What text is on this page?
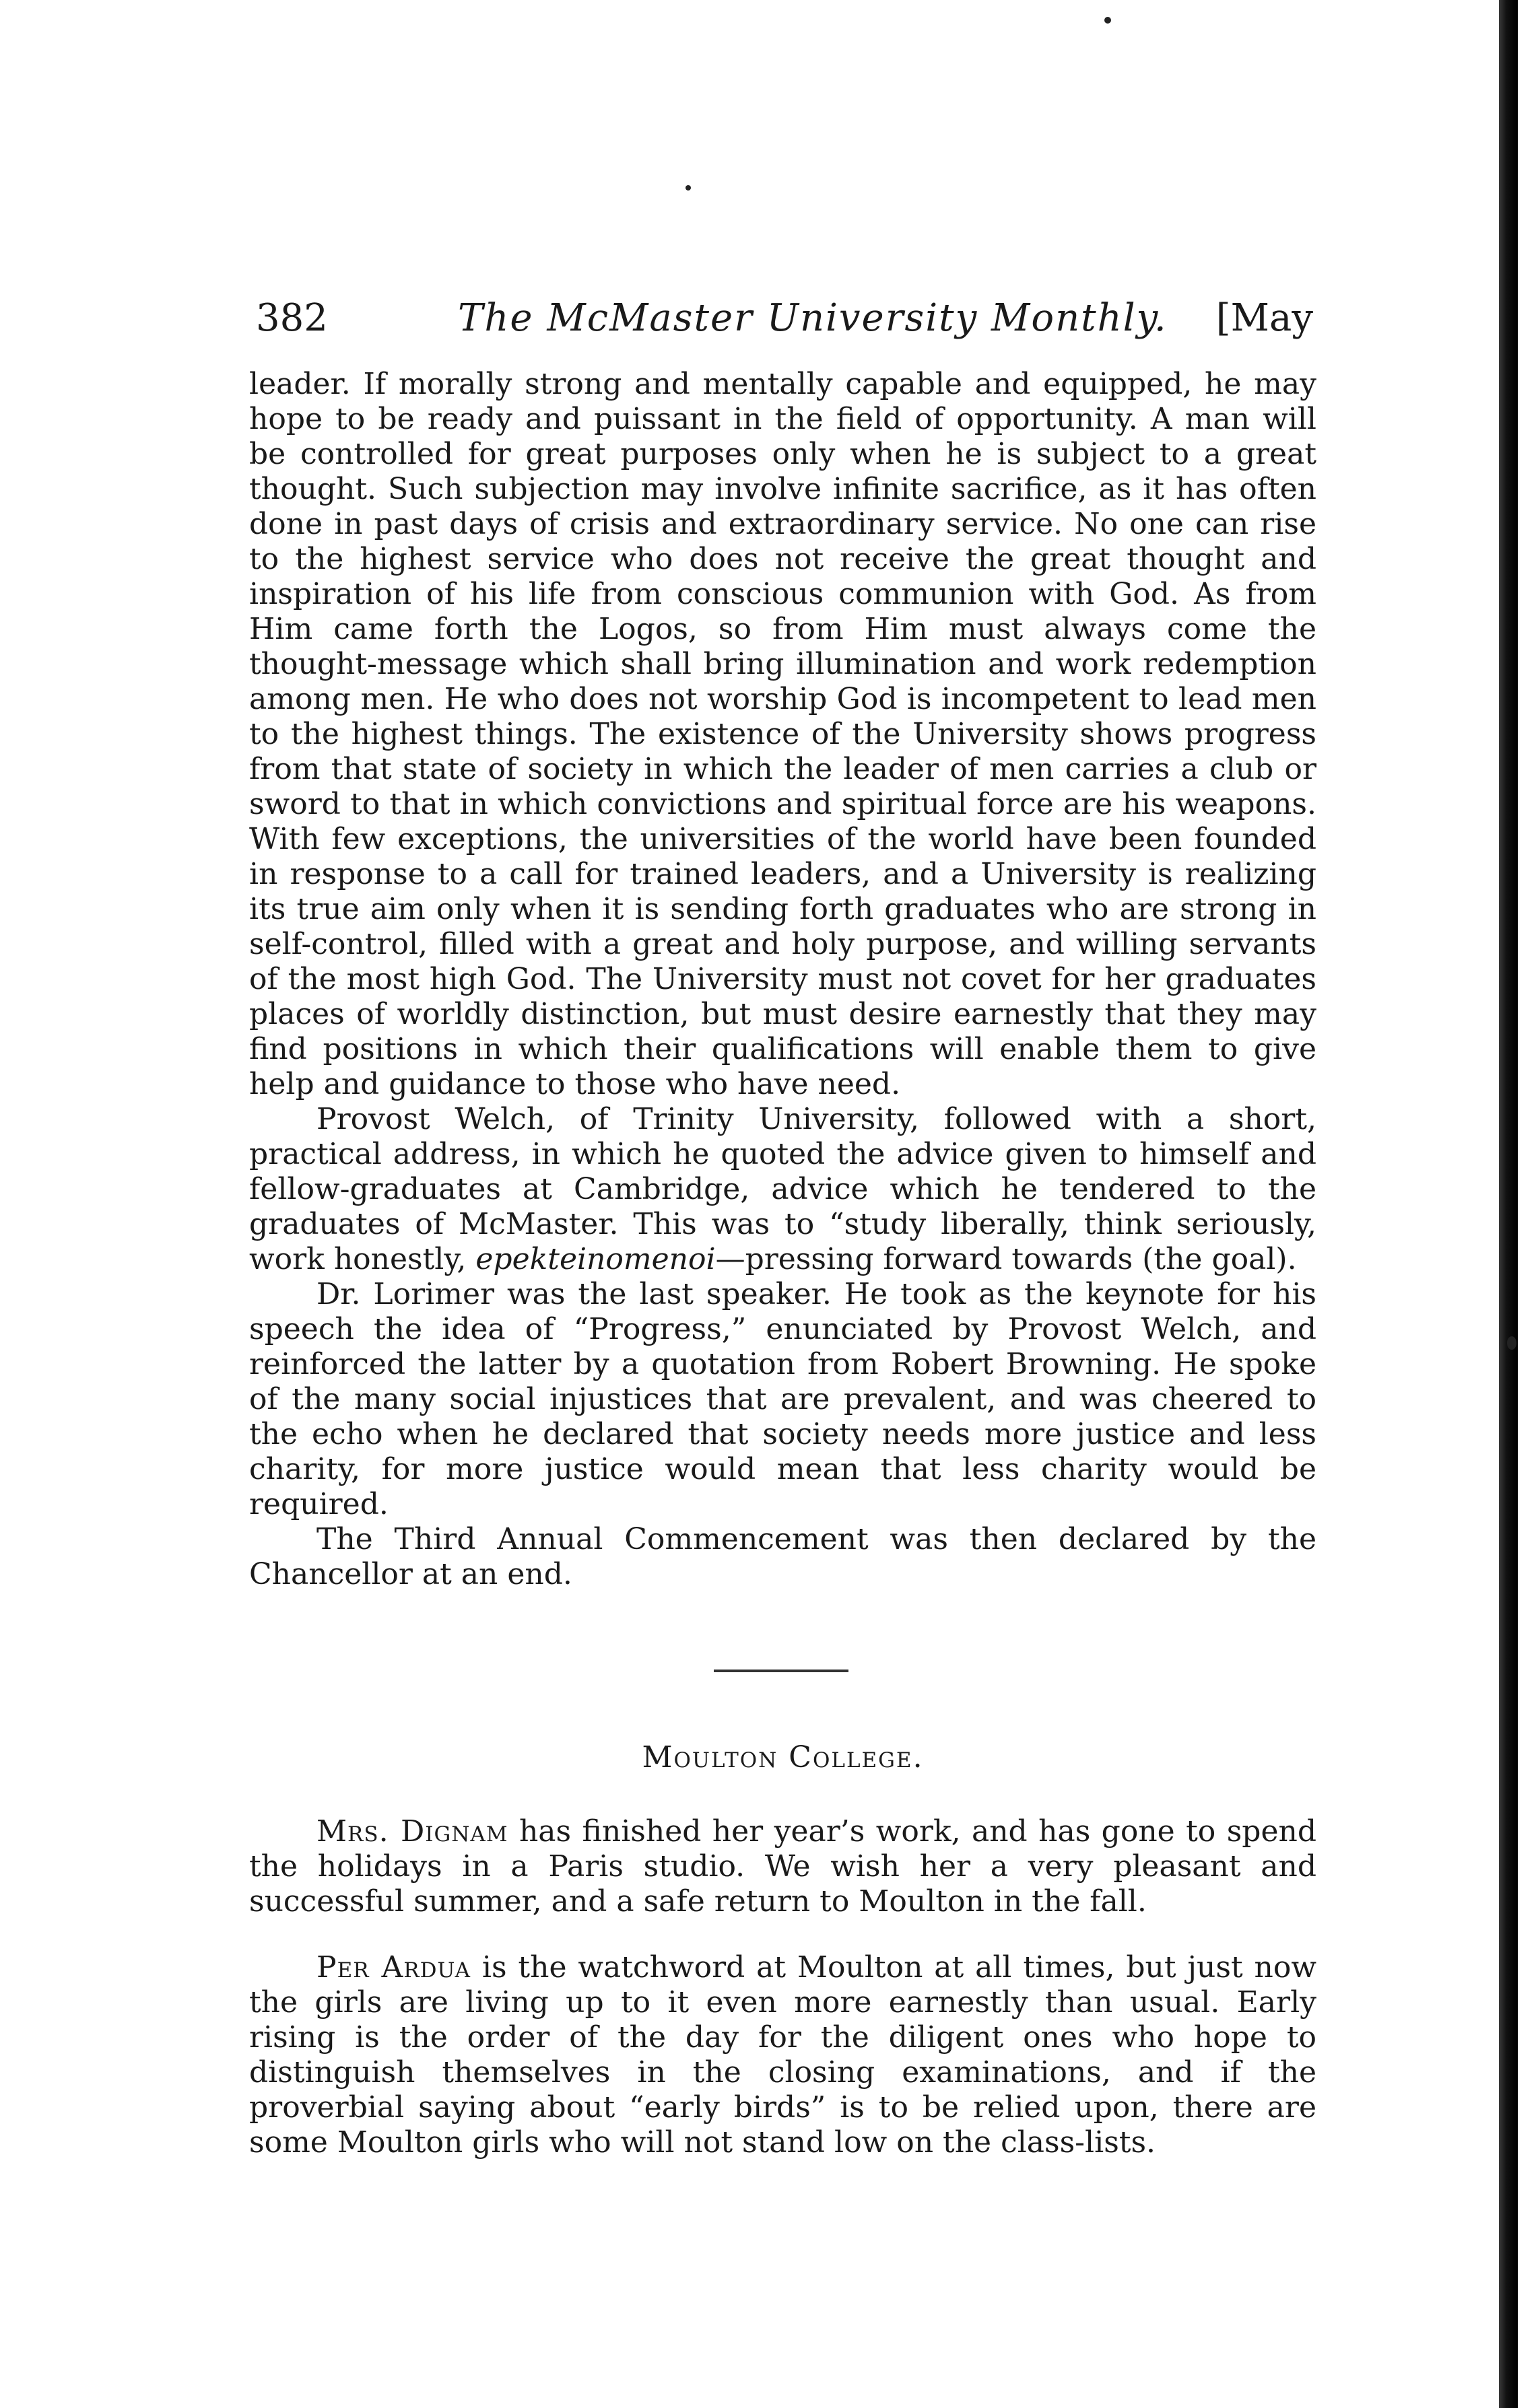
382	The McMaster University Monthly. [May

leader. If morally strong and mentally capable and equipped, he may hope to be ready and puissant in the field of opportunity. A man will be controlled for great purposes only when he is subject to a great thought. Such subjection may involve infinite sacrifice, as it has often done in past days of crisis and extraordinary service. No one can rise to the highest service who does not receive the great thought and inspiration of his life from conscious communion with God. As from Him came forth the Logos, so from Him must always come the thought-message which shall bring illumination and work redemption among men. He who does not worship God is incompetent to lead men to the highest things. The existence of the University shows progress from that state of society in which the leader of men carries a club or sword to that in which convictions and spiritual force are his weapons. With few exceptions, the universities of the world have been founded in response to a call for trained leaders, and a University is realizing its true aim only when it is sending forth graduates who are strong in self-control, filled with a great and holy purpose, and willing servants of the most high God. The University must not covet for her graduates places of worldly distinction, but must desire earnestly that they may find positions in which their qualifications will enable them to give help and guidance to those who have need.

Provost Welch, of Trinity University, followed with a short, practical address, in which he quoted the advice given to himself and fellow-graduates at Cambridge, advice which he tendered to the graduates of McMaster. This was to “study liberally, think seriously, work honestly, epekteinomenoi—pressing forward towards (the goal).

Dr. Lorimer was the last speaker. He took as the keynote for his speech the idea of “Progress,” enunciated by Provost Welch, and reinforced the latter by a quotation from Robert Browning. He spoke of the many social injustices that are prevalent, and was cheered to the echo when he declared that society needs more justice and less charity, for more justice would mean that less charity would be required.

The Third Annual Commencement was then declared by the Chancellor at an end.

Moulton College.

Mrs. Dignam has finished her year’s work, and has gone to spend the holidays in a Paris studio. We wish her a very pleasant and successful summer, and a safe return to Moulton in the fall.

Per Ardua is the watchword at Moulton at all times, but just now the girls are living up to it even more earnestly than usual. Early rising is the order of the day for the diligent ones who hope to distinguish themselves in the closing examinations, and if the proverbial saying about “early birds” is to be relied upon, there are some Moulton girls who will not stand low on the class-lists.
